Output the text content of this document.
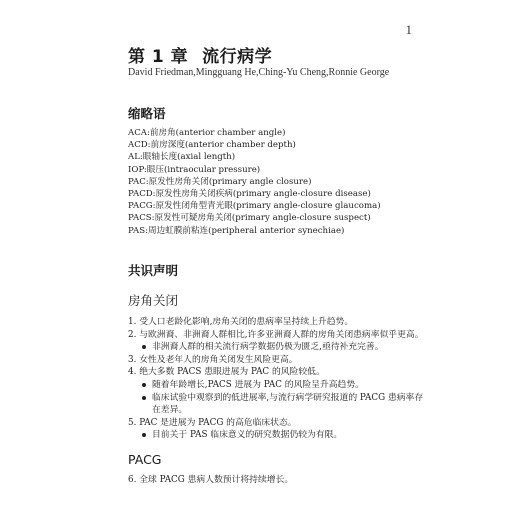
1
第 1 章 流行病学
David Friedman,Mingguang He,Ching-Yu Cheng,Ronnie George
缩略语
ACA:前房角(anterior chamber angle)
ACD:前房深度(anterior chamber depth)
AL:眼轴长度(axial length)
IOP:眼压(intraocular pressure)
PAC:原发性房角关闭(primary angle closure)
PACD:原发性房角关闭疾病(primary angle-closure disease)
PACG:原发性闭角型青光眼(primary angle-closure glaucoma)
PACS:原发性可疑房角关闭(primary angle-closure suspect)
PAS:周边虹膜前粘连(peripheral anterior synechiae)
共识声明
房角关闭
1. 受人口老龄化影响,房角关闭的患病率呈持续上升趋势。
2. 与欧洲裔、非洲裔人群相比,许多亚洲裔人群的房角关闭患病率似乎更高。
非洲裔人群的相关流行病学数据仍极为匮乏,亟待补充完善。
3. 女性及老年人的房角关闭发生风险更高。
4. 绝大多数 PACS 患眼进展为 PAC 的风险较低。
随着年龄增长,PACS 进展为 PAC 的风险呈升高趋势。
临床试验中观察到的低进展率,与流行病学研究报道的 PACG 患病率存在差异。
5. PAC 是进展为 PACG 的高危临床状态。
目前关于 PAS 临床意义的研究数据仍较为有限。
PACG
6. 全球 PACG 患病人数预计将持续增长。
